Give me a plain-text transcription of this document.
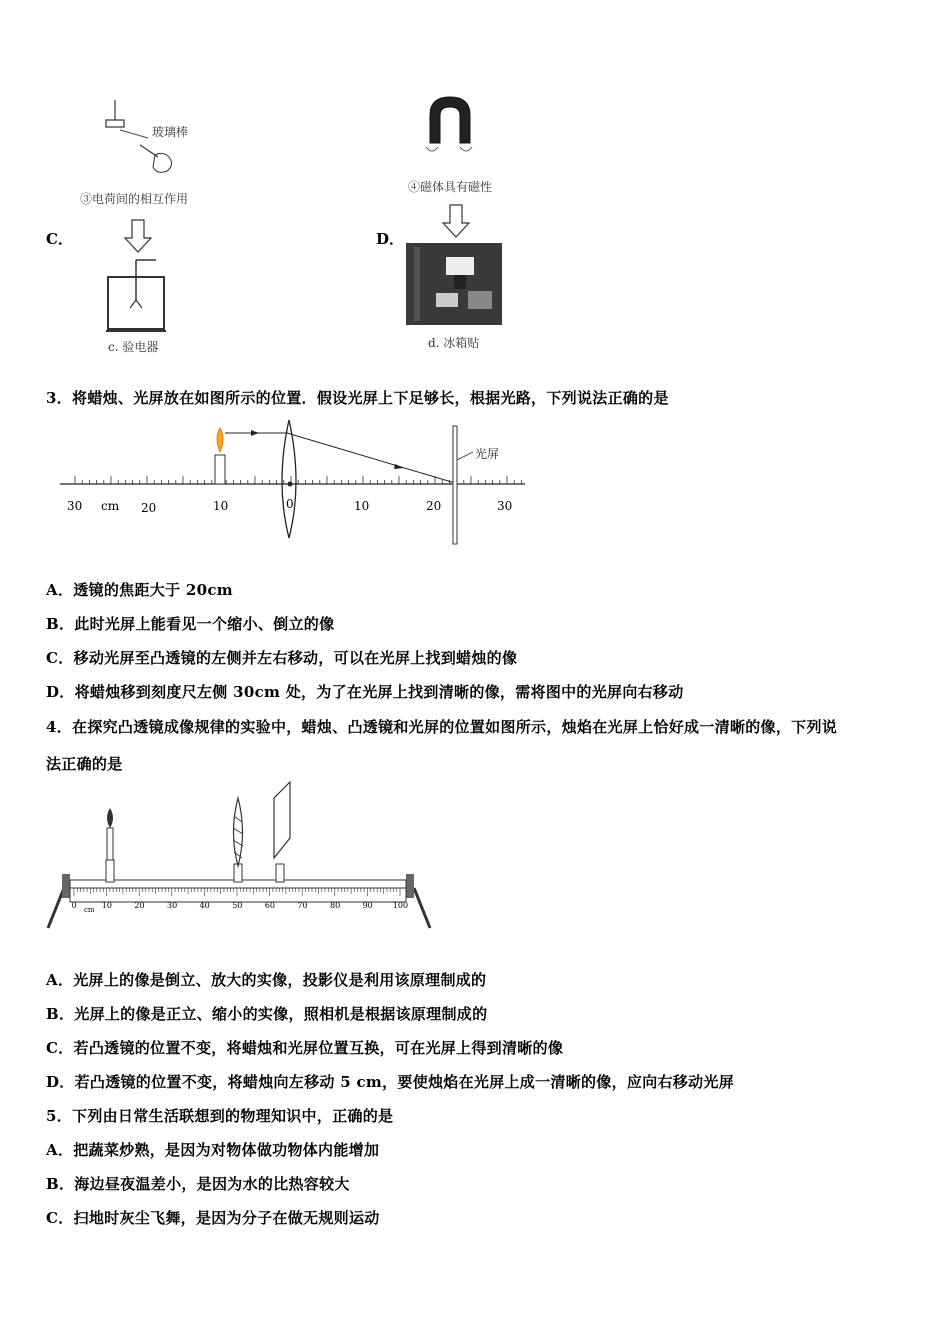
C．	D．
玻璃棒
③电荷间的相互作用
c. 验电器
④磁体具有磁性
d. 冰箱贴
3．将蜡烛、光屏放在如图所示的位置．假设光屏上下足够长，根据光路，下列说法正确的是
光屏
30 cm 20	10	0	10	20	30
A．透镜的焦距大于 20cm
B．此时光屏上能看见一个缩小、倒立的像
C．移动光屏至凸透镜的左侧并左右移动，可以在光屏上找到蜡烛的像
D．将蜡烛移到刻度尺左侧 30cm 处，为了在光屏上找到清晰的像，需将图中的光屏向右移动
4．在探究凸透镜成像规律的实验中，蜡烛、凸透镜和光屏的位置如图所示，烛焰在光屏上恰好成一清晰的像，下列说
法正确的是
0	10	20	30	40	50	60	70	80	90	100
cm
A．光屏上的像是倒立、放大的实像，投影仪是利用该原理制成的
B．光屏上的像是正立、缩小的实像，照相机是根据该原理制成的
C．若凸透镜的位置不变，将蜡烛和光屏位置互换，可在光屏上得到清晰的像
D．若凸透镜的位置不变，将蜡烛向左移动 5 cm，要使烛焰在光屏上成一清晰的像，应向右移动光屏
5．下列由日常生活联想到的物理知识中，正确的是
A．把蔬菜炒熟，是因为对物体做功物体内能增加
B．海边昼夜温差小，是因为水的比热容较大
C．扫地时灰尘飞舞，是因为分子在做无规则运动
